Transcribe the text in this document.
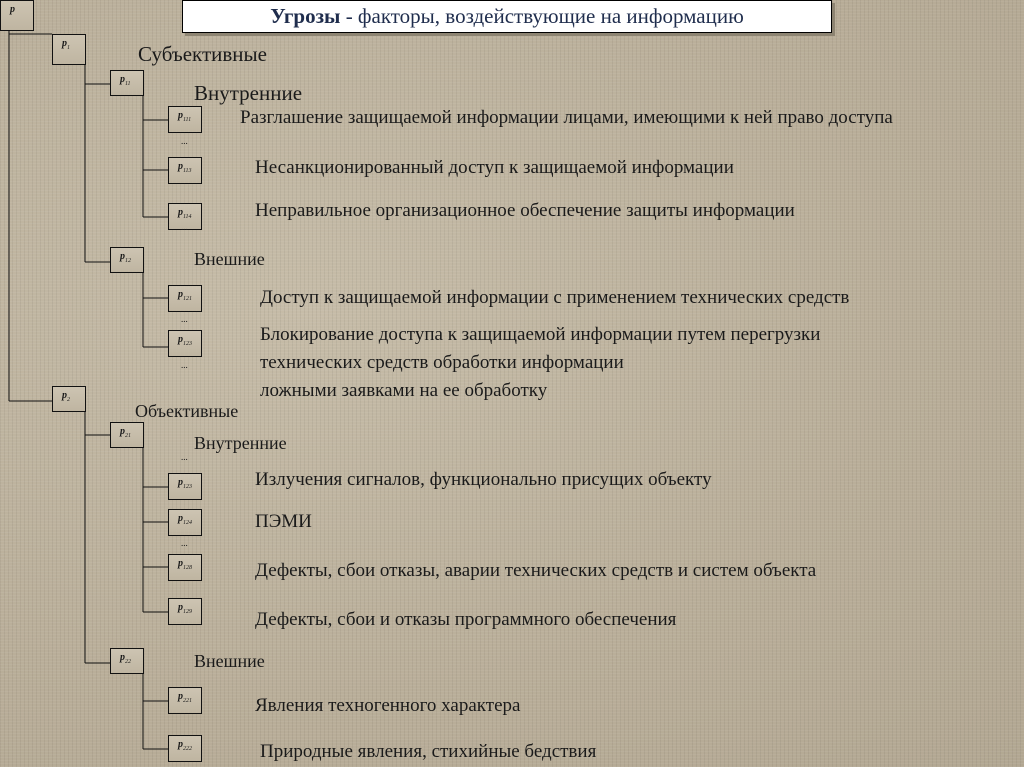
Угрозы - факторы, воздействующие на информацию
р
$р_1$	Субъективные
$р_{11}$	Внутренние
$р_{111}$	Разглашение защищаемой информации лицами, имеющими к ней право доступа
...
$р_{113}$	Несанкционированный доступ к защищаемой информации
$р_{114}$	Неправильное организационное обеспечение защиты информации
...
$р_{12}$	Внешние
$р_{121}$	Доступ к защищаемой информации с применением технических средств
...
$р_{123}$	Блокирование доступа к защищаемой информации путем перегрузки
технических средств обработки информации
ложными заявками на ее обработку
...
$р_2$
Объективные
$р_{21}$	Внутренние
...
$р_{123}$	Излучения сигналов, функционально присущих объекту
$р_{124}$	ПЭМИ
...
$р_{128}$	Дефекты, сбои отказы, аварии технических средств и систем объекта
$р_{129}$	Дефекты, сбои и отказы программного обеспечения
$р_{22}$	Внешние
$р_{221}$	Явления техногенного характера
$р_{222}$	Природные явления, стихийные бедствия
